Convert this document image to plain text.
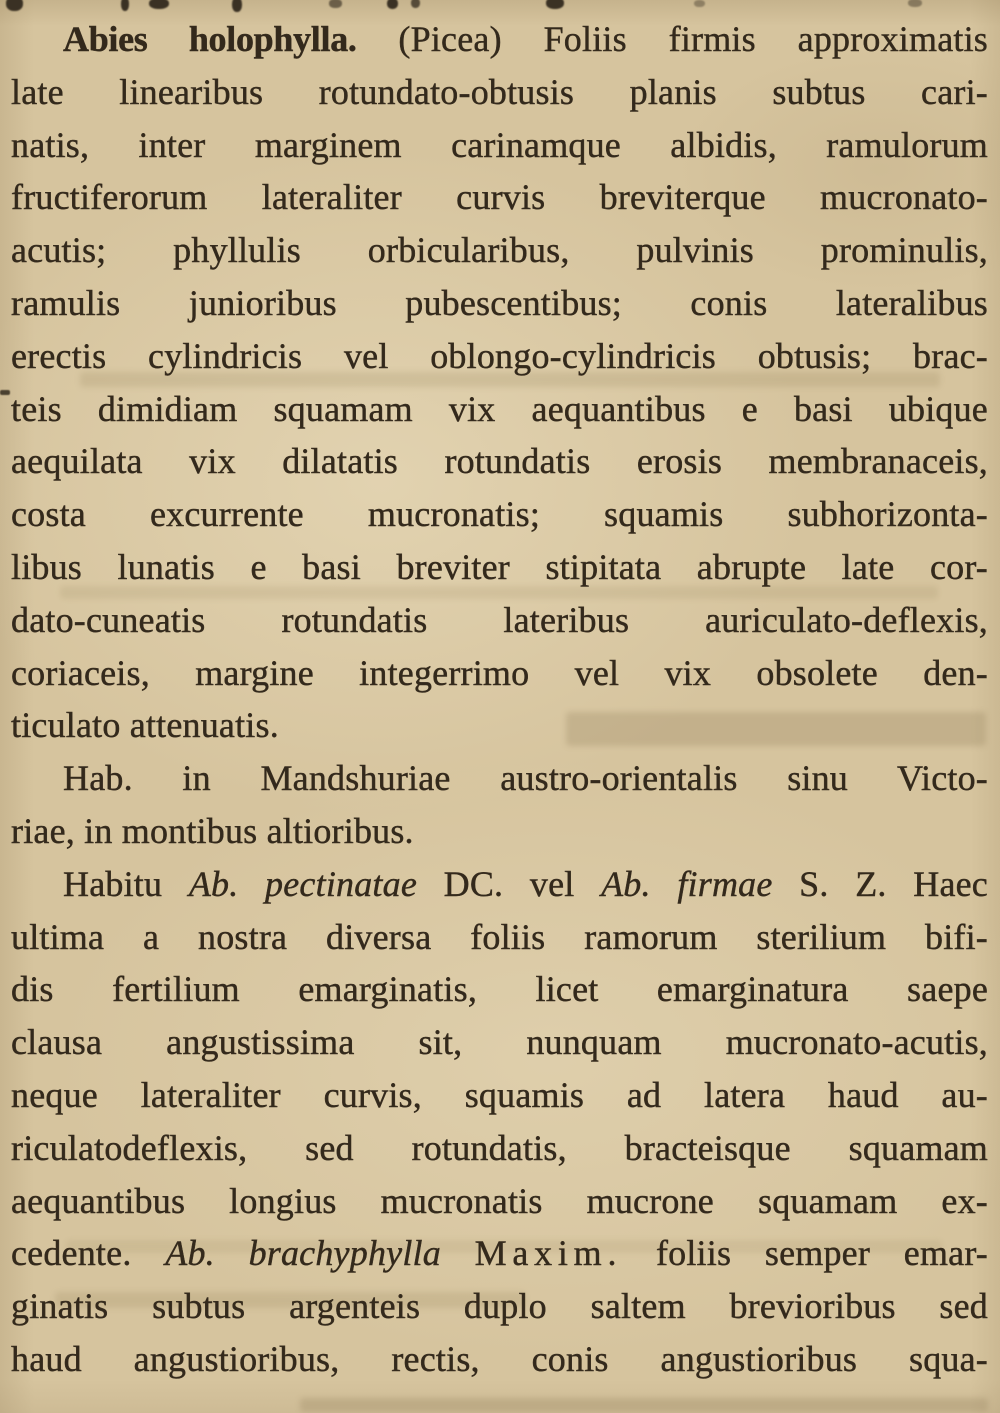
Abies holophylla. (Picea) Foliis firmis approximatis
late linearibus rotundato-obtusis planis subtus cari-
natis, inter marginem carinamque albidis, ramulorum
fructiferorum lateraliter curvis breviterque mucronato-
acutis; phyllulis orbicularibus, pulvinis prominulis,
ramulis junioribus pubescentibus; conis lateralibus
erectis cylindricis vel oblongo-cylindricis obtusis; brac-
teis dimidiam squamam vix aequantibus e basi ubique
aequilata vix dilatatis rotundatis erosis membranaceis,
costa excurrente mucronatis; squamis subhorizonta-
libus lunatis e basi breviter stipitata abrupte late cor-
dato-cuneatis rotundatis lateribus auriculato-deflexis,
coriaceis, margine integerrimo vel vix obsolete den-
ticulato attenuatis.
Hab. in Mandshuriae austro-orientalis sinu Victo-
riae, in montibus altioribus.
Habitu Ab. pectinatae DC. vel Ab. firmae S. Z. Haec
ultima a nostra diversa foliis ramorum sterilium bifi-
dis fertilium emarginatis, licet emarginatura saepe
clausa angustissima sit, nunquam mucronato-acutis,
neque lateraliter curvis, squamis ad latera haud au-
riculatodeflexis, sed rotundatis, bracteisque squamam
aequantibus longius mucronatis mucrone squamam ex-
cedente. Ab. brachyphylla Maxim. foliis semper emar-
ginatis subtus argenteis duplo saltem brevioribus sed
haud angustioribus, rectis, conis angustioribus squa-
